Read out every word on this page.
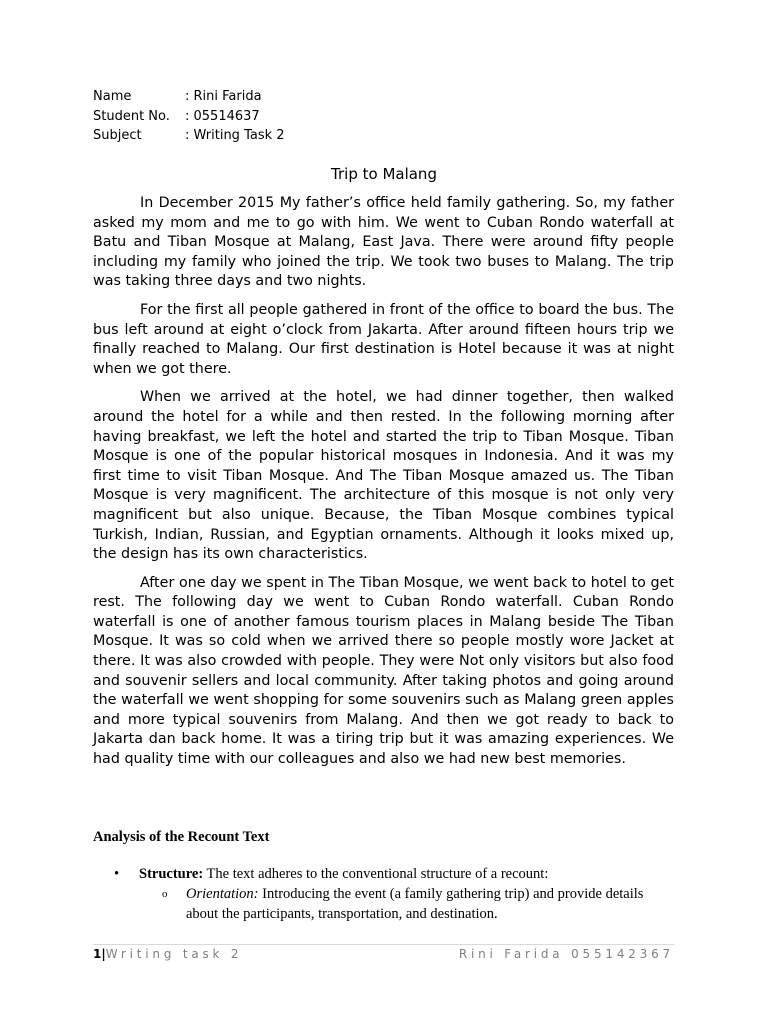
Name	: Rini Farida
Student No.	: 05514637
Subject	: Writing Task 2
Trip to Malang

In December 2015 My father’s office held family gathering. So, my father asked my mom and me to go with him. We went to Cuban Rondo waterfall at Batu and Tiban Mosque at Malang, East Java. There were around fifty people including my family who joined the trip. We took two buses to Malang. The trip was taking three days and two nights.

For the first all people gathered in front of the office to board the bus. The bus left around at eight o’clock from Jakarta. After around fifteen hours trip we finally reached to Malang. Our first destination is Hotel because it was at night when we got there.

When we arrived at the hotel, we had dinner together, then walked around the hotel for a while and then rested. In the following morning after having breakfast, we left the hotel and started the trip to Tiban Mosque. Tiban Mosque is one of the popular historical mosques in Indonesia. And it was my first time to visit Tiban Mosque. And The Tiban Mosque amazed us. The Tiban Mosque is very magnificent. The architecture of this mosque is not only very magnificent but also unique. Because, the Tiban Mosque combines typical Turkish, Indian, Russian, and Egyptian ornaments. Although it looks mixed up, the design has its own characteristics.

After one day we spent in The Tiban Mosque, we went back to hotel to get rest. The following day we went to Cuban Rondo waterfall. Cuban Rondo waterfall is one of another famous tourism places in Malang beside The Tiban Mosque. It was so cold when we arrived there so people mostly wore Jacket at there. It was also crowded with people. They were Not only visitors but also food and souvenir sellers and local community. After taking photos and going around the waterfall we went shopping for some souvenirs such as Malang green apples and more typical souvenirs from Malang. And then we got ready to back to Jakarta dan back home. It was a tiring trip but it was amazing experiences. We had quality time with our colleagues and also we had new best memories.

Analysis of the Recount Text
• Structure: The text adheres to the conventional structure of a recount:
o Orientation: Introducing the event (a family gathering trip) and provide details about the participants, transportation, and destination.
1|Writing task 2	Rini Farida 055142367
